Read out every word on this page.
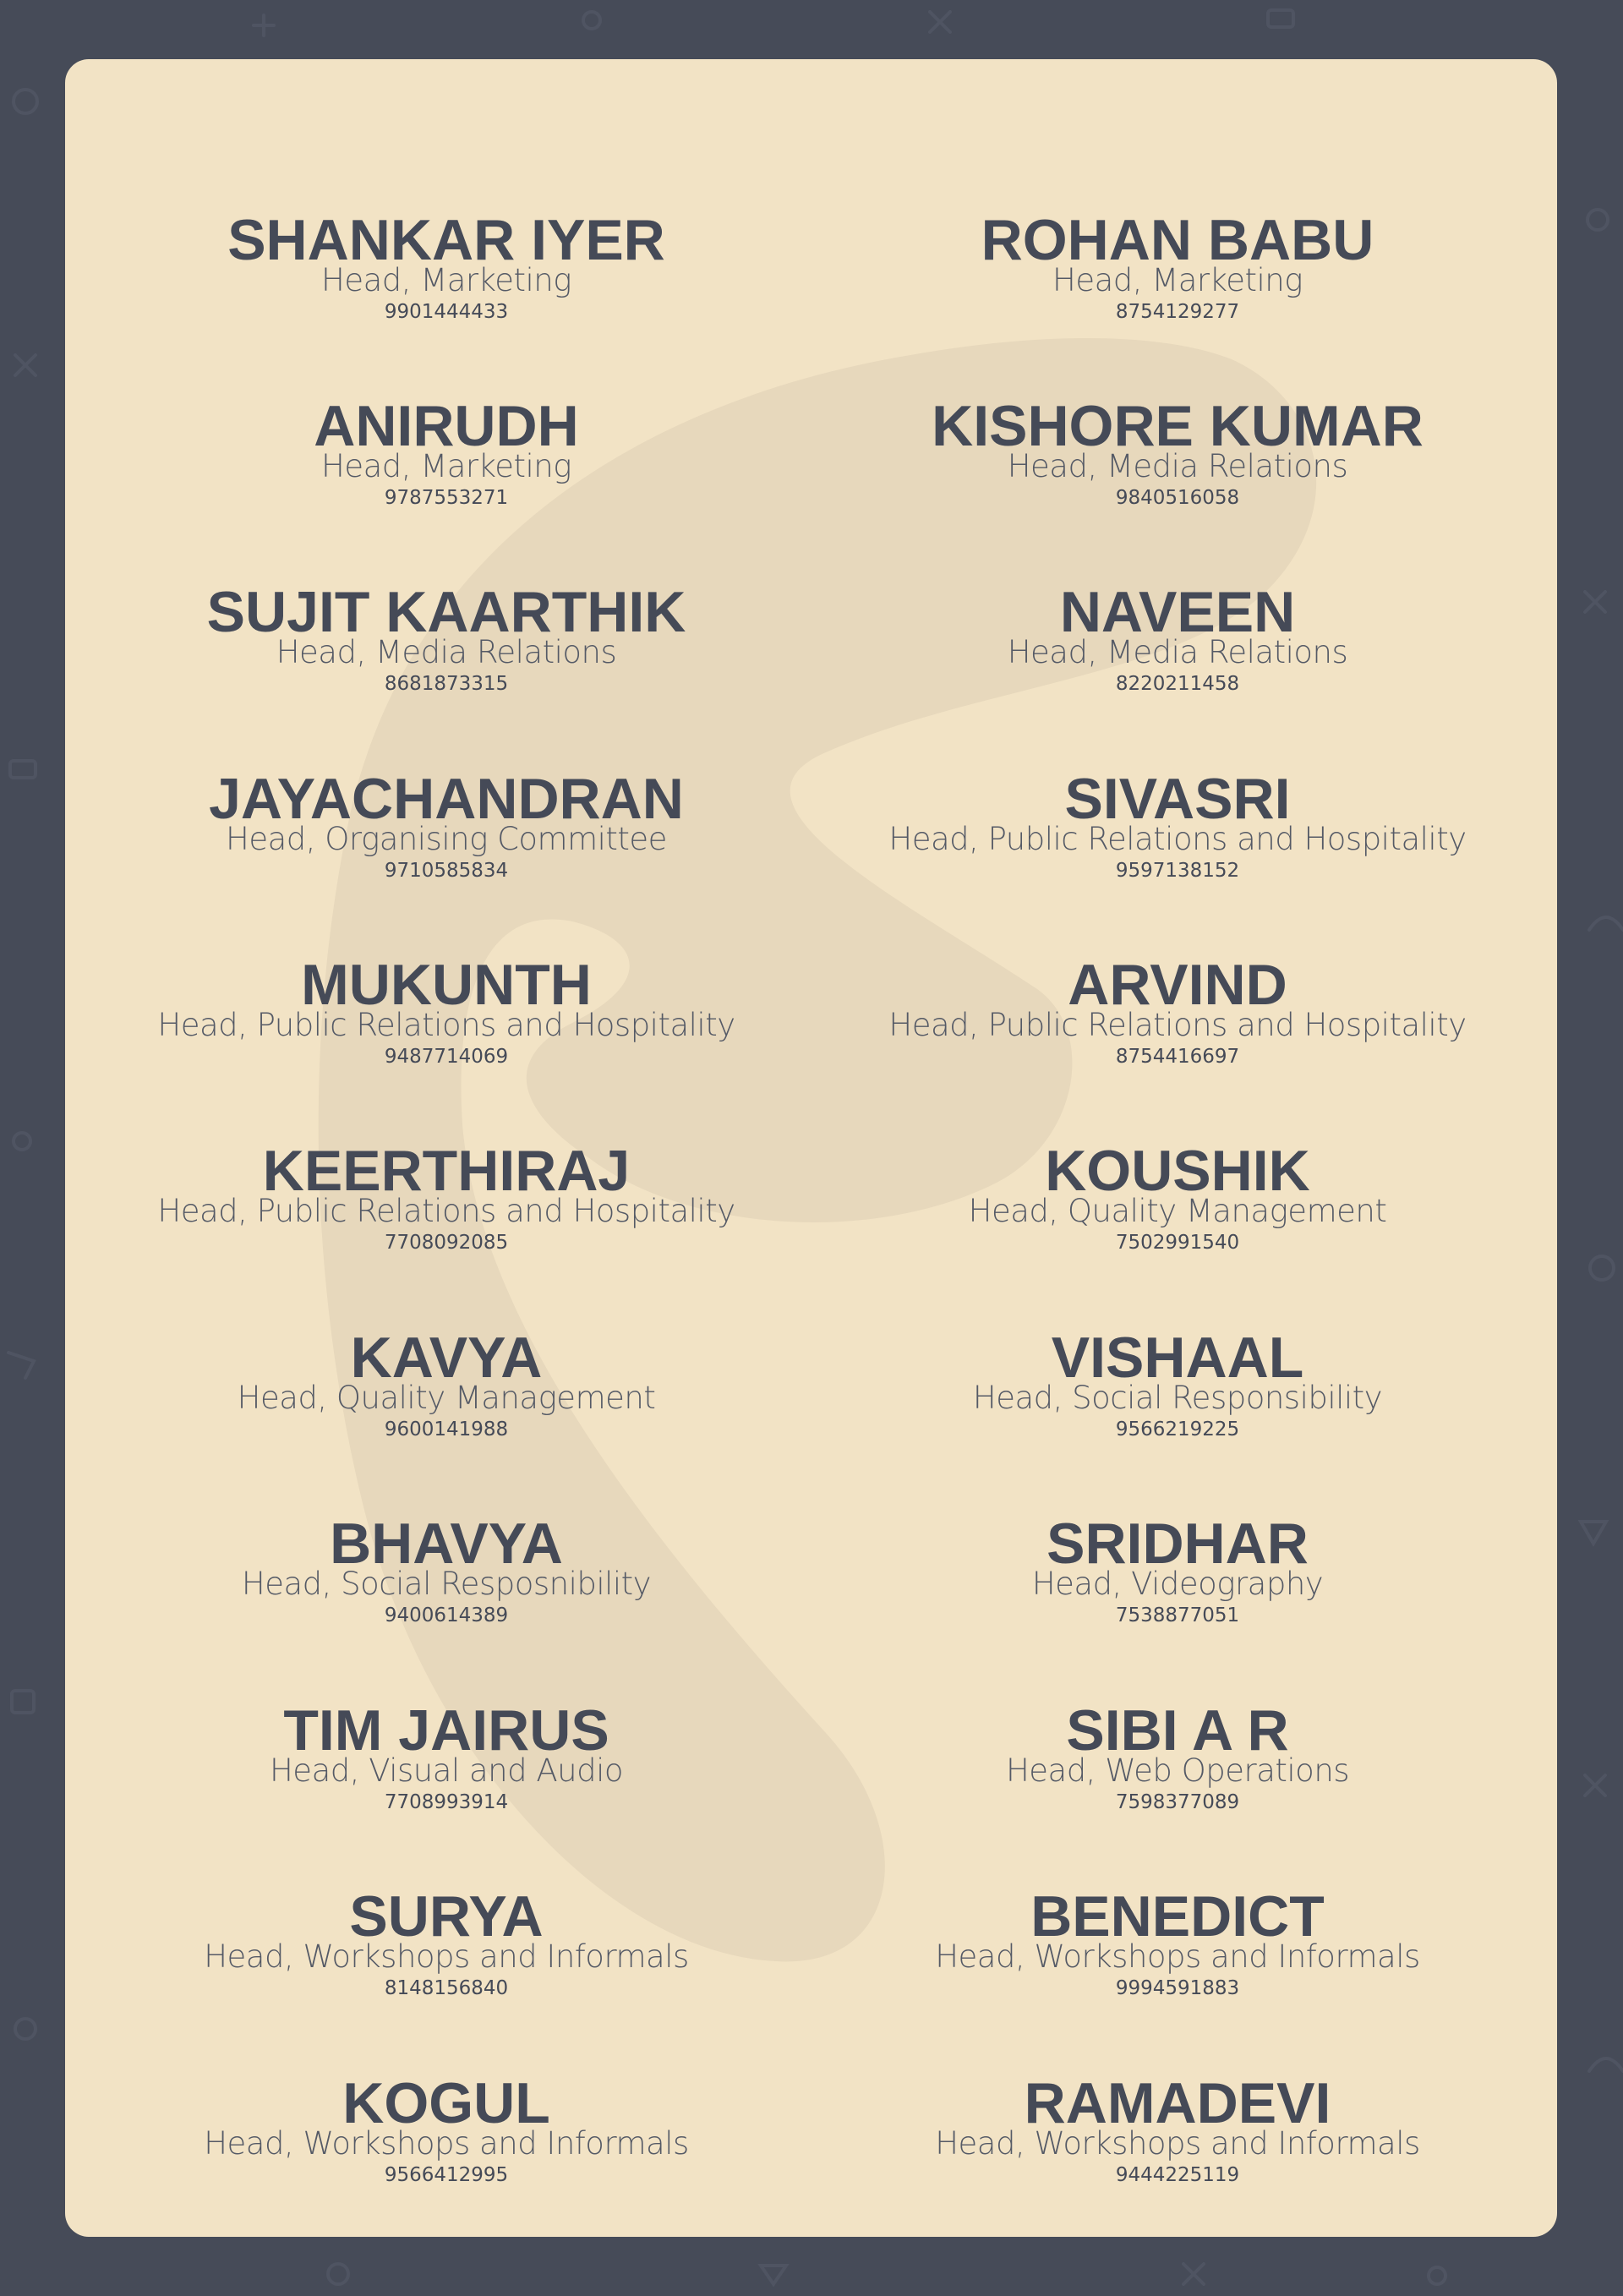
SHANKAR IYER
Head, Marketing
9901444433
ANIRUDH
Head, Marketing
9787553271
SUJIT KAARTHIK
Head, Media Relations
8681873315
JAYACHANDRAN
Head, Organising Committee
9710585834
MUKUNTH
Head, Public Relations and Hospitality
9487714069
KEERTHIRAJ
Head, Public Relations and Hospitality
7708092085
KAVYA
Head, Quality Management
9600141988
BHAVYA
Head, Social Resposnibility
9400614389
TIM JAIRUS
Head, Visual and Audio
7708993914
SURYA
Head, Workshops and Informals
8148156840
KOGUL
Head, Workshops and Informals
9566412995
ROHAN BABU
Head, Marketing
8754129277
KISHORE KUMAR
Head, Media Relations
9840516058
NAVEEN
Head, Media Relations
8220211458
SIVASRI
Head, Public Relations and Hospitality
9597138152
ARVIND
Head, Public Relations and Hospitality
8754416697
KOUSHIK
Head, Quality Management
7502991540
VISHAAL
Head, Social Responsibility
9566219225
SRIDHAR
Head, Videography
7538877051
SIBI A R
Head, Web Operations
7598377089
BENEDICT
Head, Workshops and Informals
9994591883
RAMADEVI
Head, Workshops and Informals
9444225119
